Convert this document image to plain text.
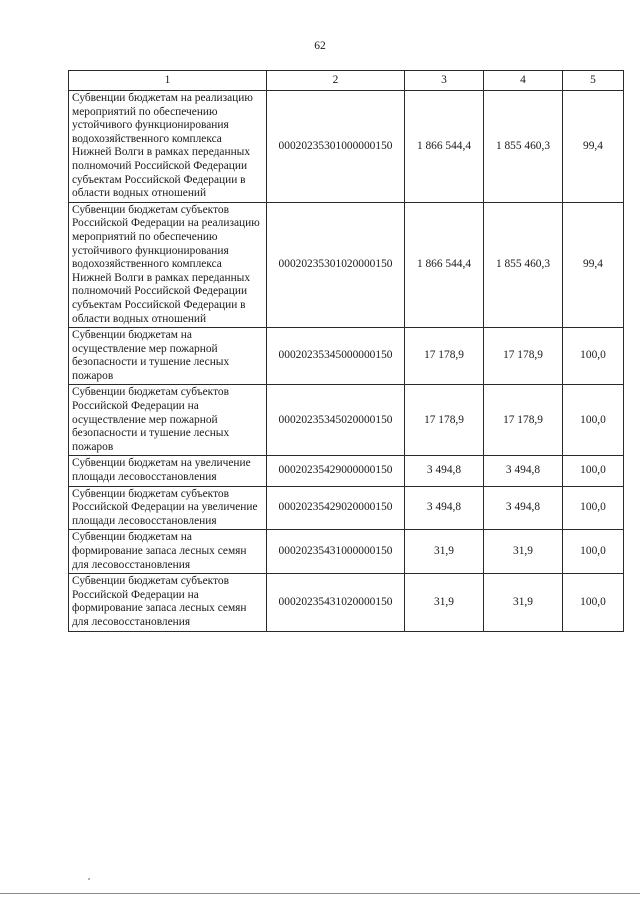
62
1	2	3	4	5
Субвенции бюджетам на реализацию мероприятий по обеспечению устойчивого функционирования водохозяйственного комплекса Нижней Волги в рамках переданных полномочий Российской Федерации субъектам Российской Федерации в области водных отношений	00020235301000000150	1 866 544,4	1 855 460,3	99,4
Субвенции бюджетам субъектов Российской Федерации на реализацию мероприятий по обеспечению устойчивого функционирования водохозяйственного комплекса Нижней Волги в рамках переданных полномочий Российской Федерации субъектам Российской Федерации в области водных отношений	00020235301020000150	1 866 544,4	1 855 460,3	99,4
Субвенции бюджетам на осуществление мер пожарной безопасности и тушение лесных пожаров	00020235345000000150	17 178,9	17 178,9	100,0
Субвенции бюджетам субъектов Российской Федерации на осуществление мер пожарной безопасности и тушение лесных пожаров	00020235345020000150	17 178,9	17 178,9	100,0
Субвенции бюджетам на увеличение площади лесовосстановления	00020235429000000150	3 494,8	3 494,8	100,0
Субвенции бюджетам субъектов Российской Федерации на увеличение площади лесовосстановления	00020235429020000150	3 494,8	3 494,8	100,0
Субвенции бюджетам на формирование запаса лесных семян для лесовосстановления	00020235431000000150	31,9	31,9	100,0
Субвенции бюджетам субъектов Российской Федерации на формирование запаса лесных семян для лесовосстановления	00020235431020000150	31,9	31,9	100,0
